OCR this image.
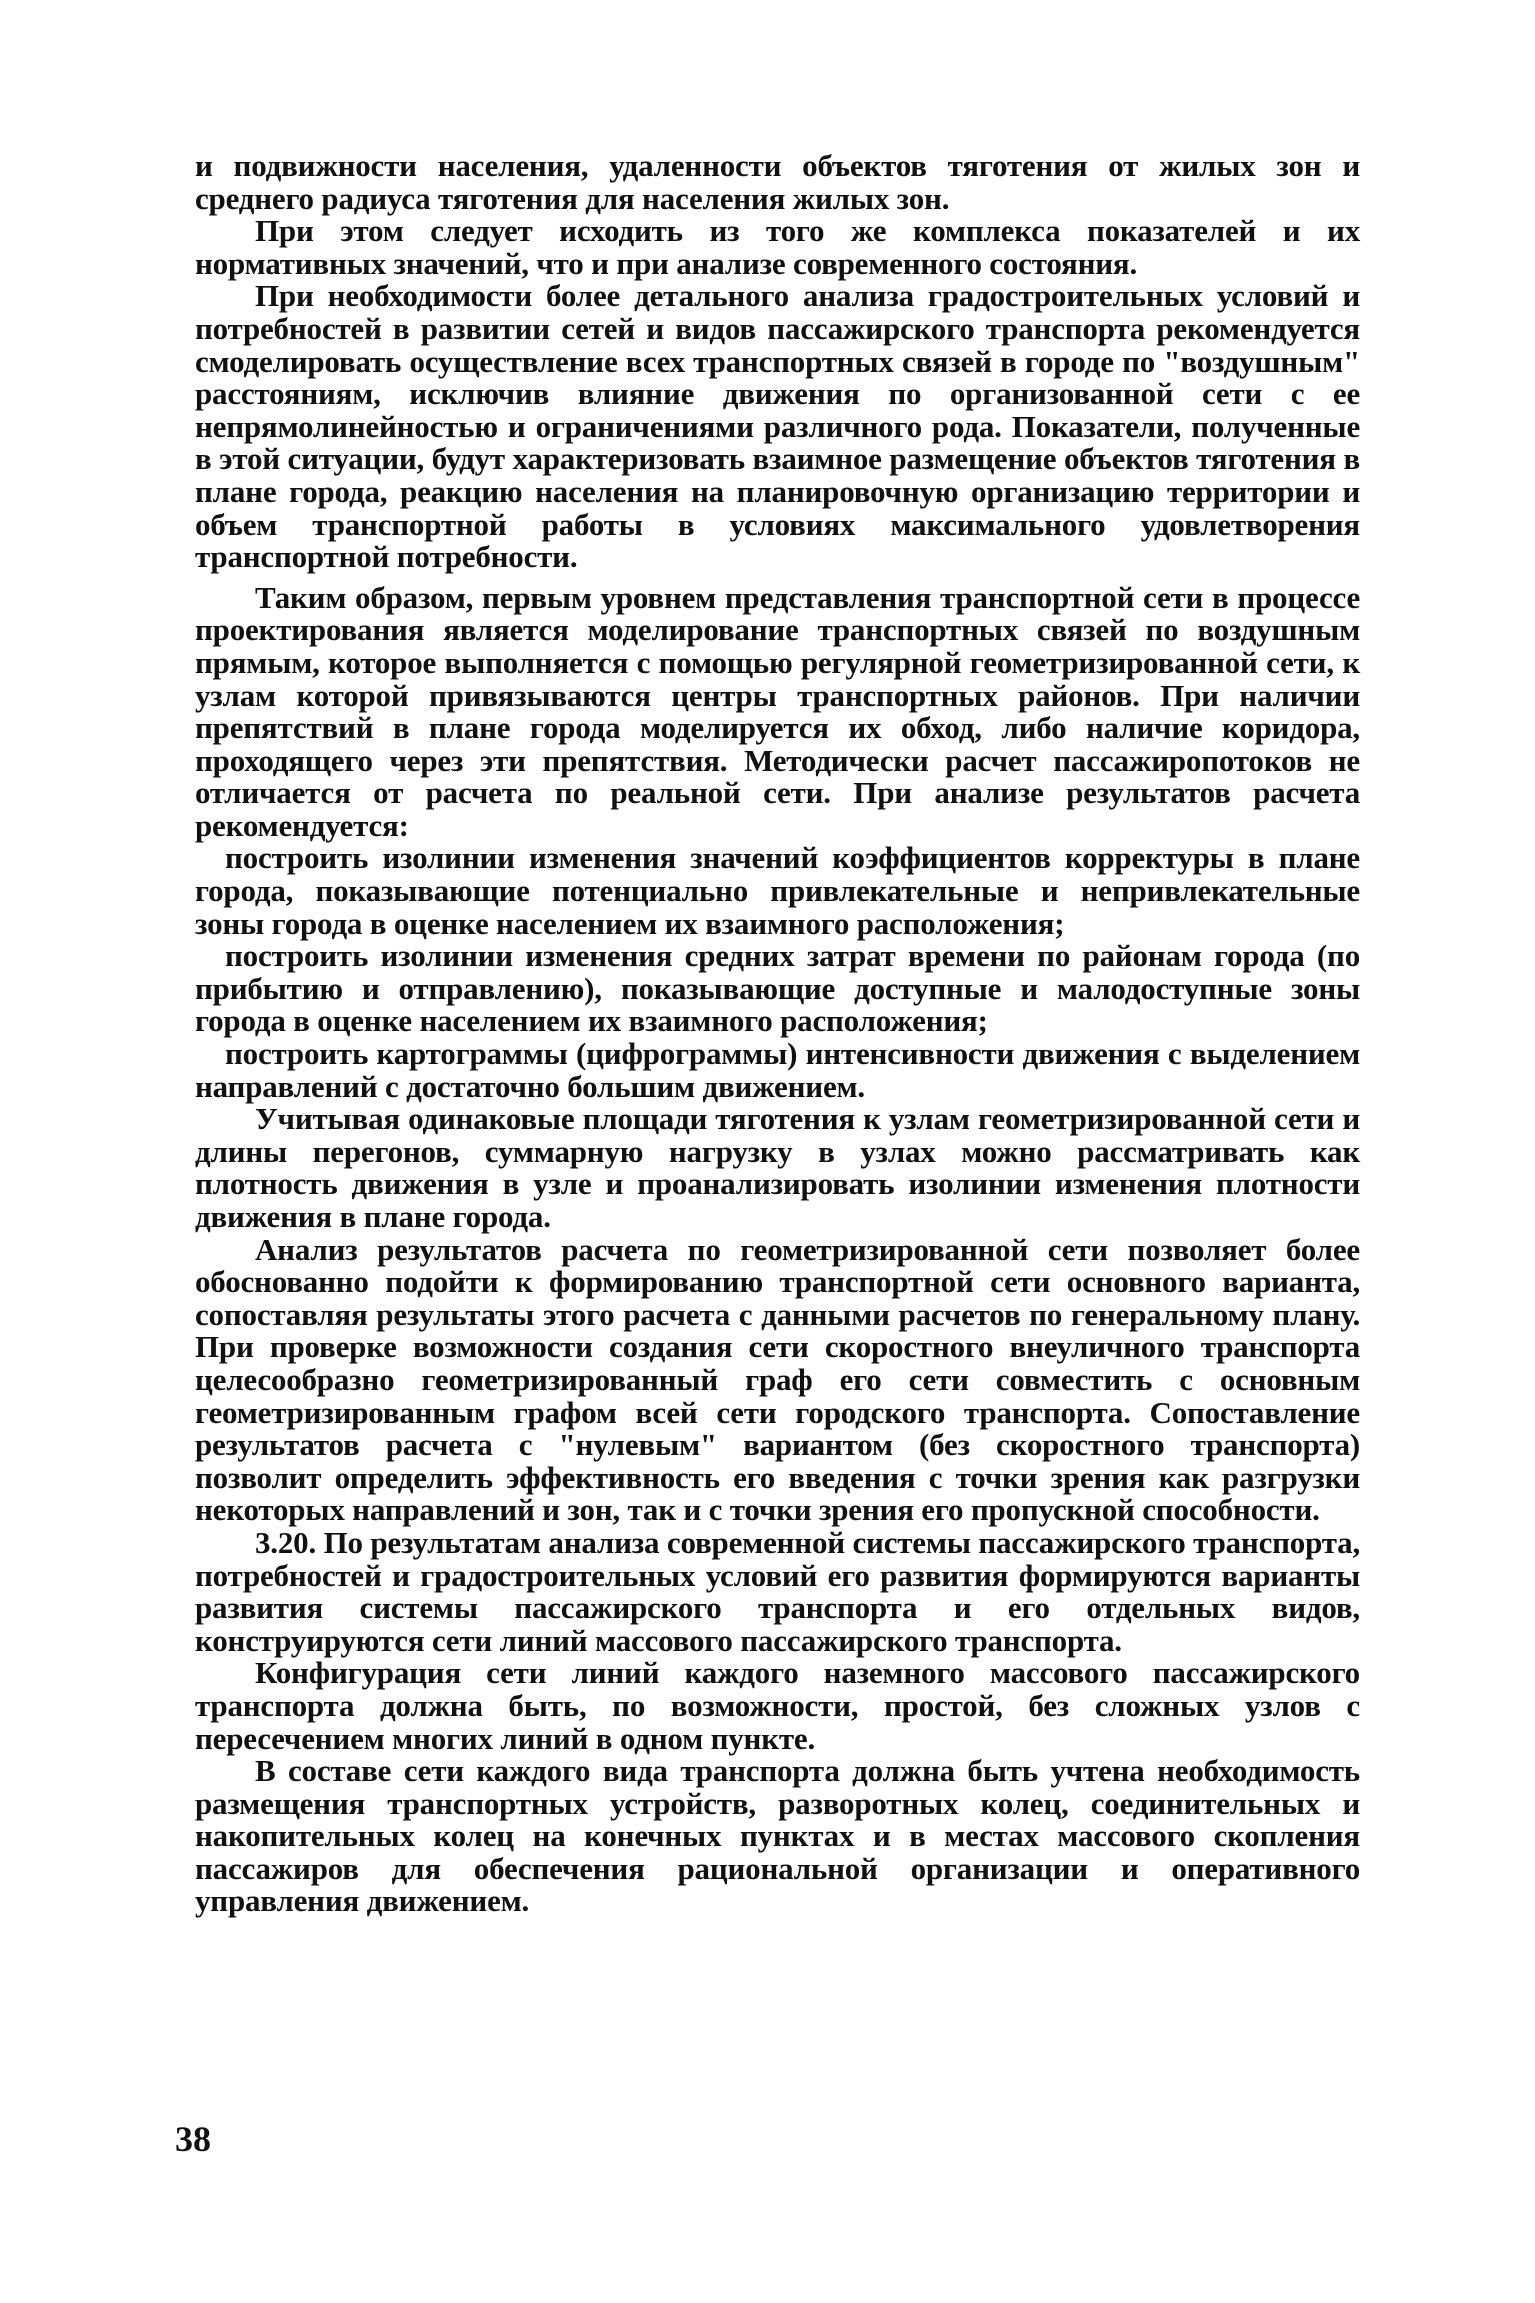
и подвижности населения, удаленности объектов тяготения от жилых зон и среднего радиуса тяготения для населения жилых зон.

При этом следует исходить из того же комплекса показателей и их нормативных значений, что и при анализе современного состояния.

При необходимости более детального анализа градостроительных условий и потребностей в развитии сетей и видов пассажирского транспорта рекомендуется смоделировать осуществление всех транспортных связей в городе по "воздушным" расстояниям, исключив влияние движения по организованной сети с ее непрямолинейностью и ограничениями различного рода. Показатели, полученные в этой ситуации, будут характеризовать взаимное размещение объектов тяготения в плане города, реакцию населения на планировочную организацию территории и объем транспортной работы в условиях максимального удовлетворения транспортной потребности.

Таким образом, первым уровнем представления транспортной сети в процессе проектирования является моделирование транспортных связей по воздушным прямым, которое выполняется с помощью регулярной геометризированной сети, к узлам которой привязываются центры транспортных районов. При наличии препятствий в плане города моделируется их обход, либо наличие коридора, проходящего через эти препятствия. Методически расчет пассажиропотоков не отличается от расчета по реальной сети. При анализе результатов расчета рекомендуется:

построить изолинии изменения значений коэффициентов корректуры в плане города, показывающие потенциально привлекательные и непривлекательные зоны города в оценке населением их взаимного расположения;

построить изолинии изменения средних затрат времени по районам города (по прибытию и отправлению), показывающие доступные и малодоступные зоны города в оценке населением их взаимного расположения;

построить картограммы (цифрограммы) интенсивности движения с выделением направлений с достаточно большим движением.

Учитывая одинаковые площади тяготения к узлам геометризированной сети и длины перегонов, суммарную нагрузку в узлах можно рассматривать как плотность движения в узле и проанализировать изолинии изменения плотности движения в плане города.

Анализ результатов расчета по геометризированной сети позволяет более обоснованно подойти к формированию транспортной сети основного варианта, сопоставляя результаты этого расчета с данными расчетов по генеральному плану. При проверке возможности создания сети скоростного внеуличного транспорта целесообразно геометризированный граф его сети совместить с основным геометризированным графом всей сети городского транспорта. Сопоставление результатов расчета с "нулевым" вариантом (без скоростного транспорта) позволит определить эффективность его введения с точки зрения как разгрузки некоторых направлений и зон, так и с точки зрения его пропускной способности.

3.20. По результатам анализа современной системы пассажирского транспорта, потребностей и градостроительных условий его развития формируются варианты развития системы пассажирского транспорта и его отдельных видов, конструируются сети линий массового пассажирского транспорта.

Конфигурация сети линий каждого наземного массового пассажирского транспорта должна быть, по возможности, простой, без сложных узлов с пересечением многих линий в одном пункте.

В составе сети каждого вида транспорта должна быть учтена необходимость размещения транспортных устройств, разворотных колец, соединительных и накопительных колец на конечных пунктах и в местах массового скопления пассажиров для обеспечения рациональной организации и оперативного управления движением.

38
